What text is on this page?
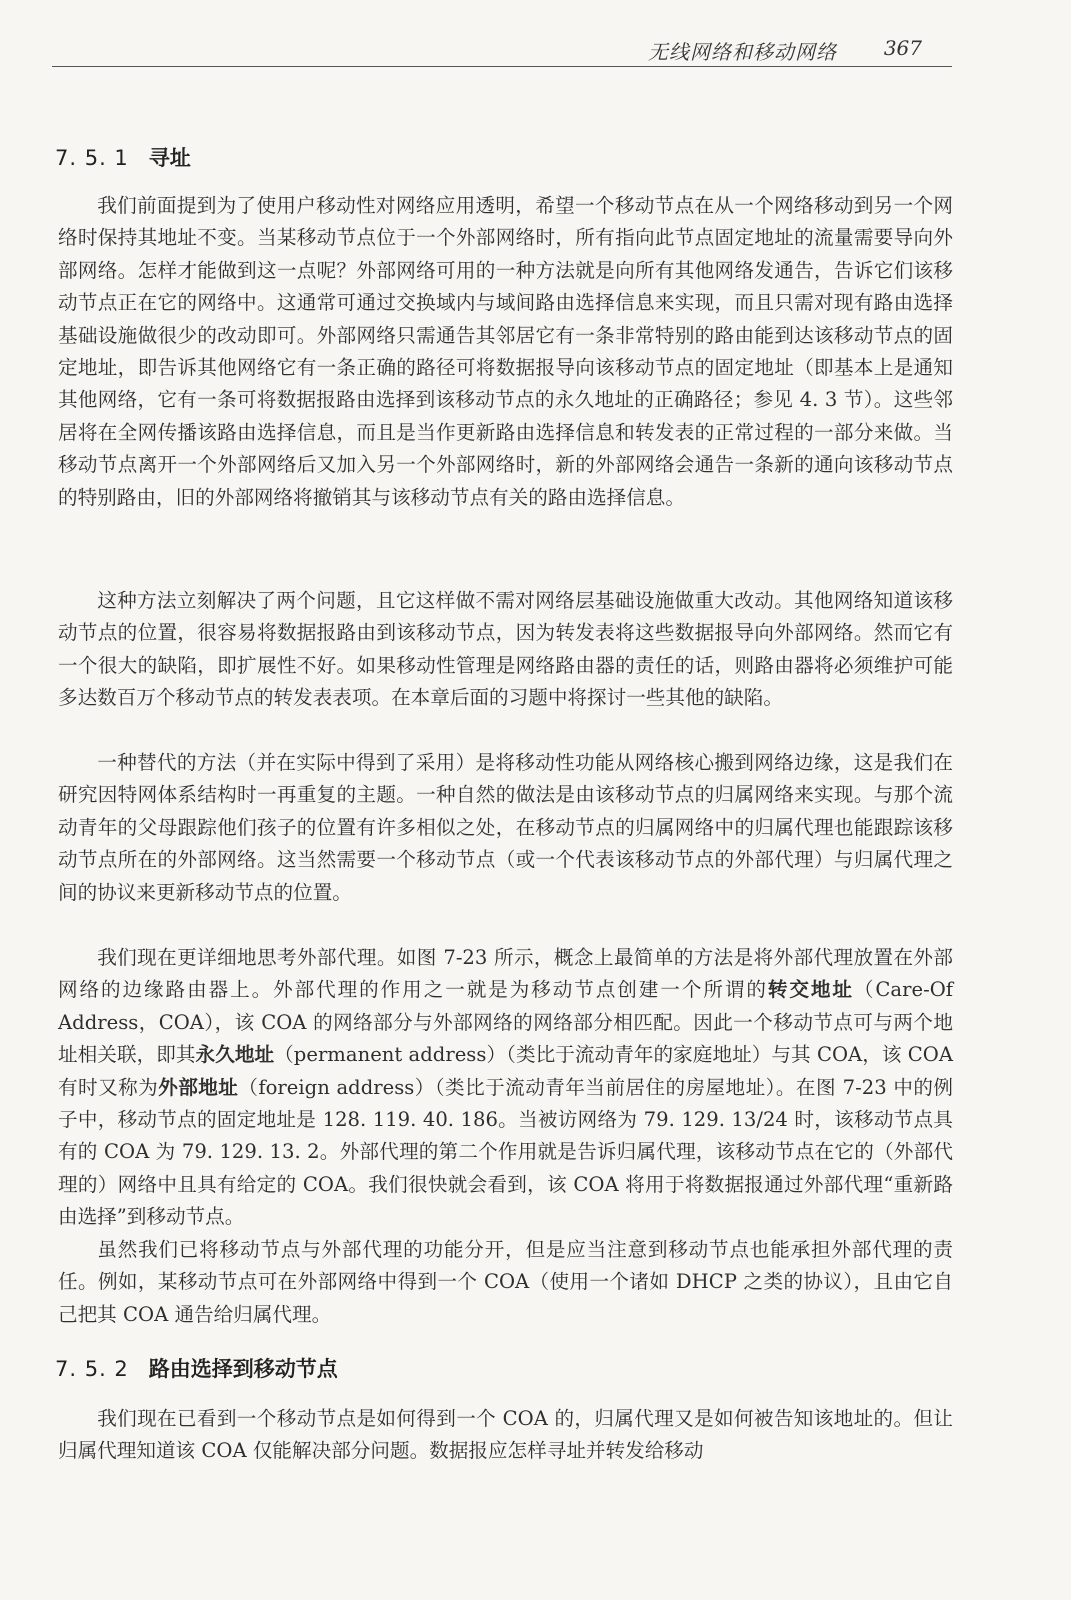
无线网络和移动网络 367
7. 5. 1 寻址

我们前面提到为了使用户移动性对网络应用透明，希望一个移动节点在从一个网络移动到另一个网络时保持其地址不变。当某移动节点位于一个外部网络时，所有指向此节点固定地址的流量需要导向外部网络。怎样才能做到这一点呢？外部网络可用的一种方法就是向所有其他网络发通告，告诉它们该移动节点正在它的网络中。这通常可通过交换域内与域间路由选择信息来实现，而且只需对现有路由选择基础设施做很少的改动即可。外部网络只需通告其邻居它有一条非常特别的路由能到达该移动节点的固定地址，即告诉其他网络它有一条正确的路径可将数据报导向该移动节点的固定地址（即基本上是通知其他网络，它有一条可将数据报路由选择到该移动节点的永久地址的正确路径；参见 4. 3 节）。这些邻居将在全网传播该路由选择信息，而且是当作更新路由选择信息和转发表的正常过程的一部分来做。当移动节点离开一个外部网络后又加入另一个外部网络时，新的外部网络会通告一条新的通向该移动节点的特别路由，旧的外部网络将撤销其与该移动节点有关的路由选择信息。

这种方法立刻解决了两个问题，且它这样做不需对网络层基础设施做重大改动。其他网络知道该移动节点的位置，很容易将数据报路由到该移动节点，因为转发表将这些数据报导向外部网络。然而它有一个很大的缺陷，即扩展性不好。如果移动性管理是网络路由器的责任的话，则路由器将必须维护可能多达数百万个移动节点的转发表表项。在本章后面的习题中将探讨一些其他的缺陷。

一种替代的方法（并在实际中得到了采用）是将移动性功能从网络核心搬到网络边缘，这是我们在研究因特网体系结构时一再重复的主题。一种自然的做法是由该移动节点的归属网络来实现。与那个流动青年的父母跟踪他们孩子的位置有许多相似之处，在移动节点的归属网络中的归属代理也能跟踪该移动节点所在的外部网络。这当然需要一个移动节点（或一个代表该移动节点的外部代理）与归属代理之间的协议来更新移动节点的位置。

我们现在更详细地思考外部代理。如图 7-23 所示，概念上最简单的方法是将外部代理放置在外部网络的边缘路由器上。外部代理的作用之一就是为移动节点创建一个所谓的转交地址（Care-Of Address，COA），该 COA 的网络部分与外部网络的网络部分相匹配。因此一个移动节点可与两个地址相关联，即其永久地址（permanent address）（类比于流动青年的家庭地址）与其 COA，该 COA 有时又称为外部地址（foreign address）（类比于流动青年当前居住的房屋地址）。在图 7-23 中的例子中，移动节点的固定地址是 128. 119. 40. 186。当被访网络为 79. 129. 13/24 时，该移动节点具有的 COA 为 79. 129. 13. 2。外部代理的第二个作用就是告诉归属代理，该移动节点在它的（外部代理的）网络中且具有给定的 COA。我们很快就会看到，该 COA 将用于将数据报通过外部代理“重新路由选择”到移动节点。

虽然我们已将移动节点与外部代理的功能分开，但是应当注意到移动节点也能承担外部代理的责任。例如，某移动节点可在外部网络中得到一个 COA（使用一个诸如 DHCP 之类的协议），且由它自己把其 COA 通告给归属代理。

7. 5. 2 路由选择到移动节点

我们现在已看到一个移动节点是如何得到一个 COA 的，归属代理又是如何被告知该地址的。但让归属代理知道该 COA 仅能解决部分问题。数据报应怎样寻址并转发给移动
